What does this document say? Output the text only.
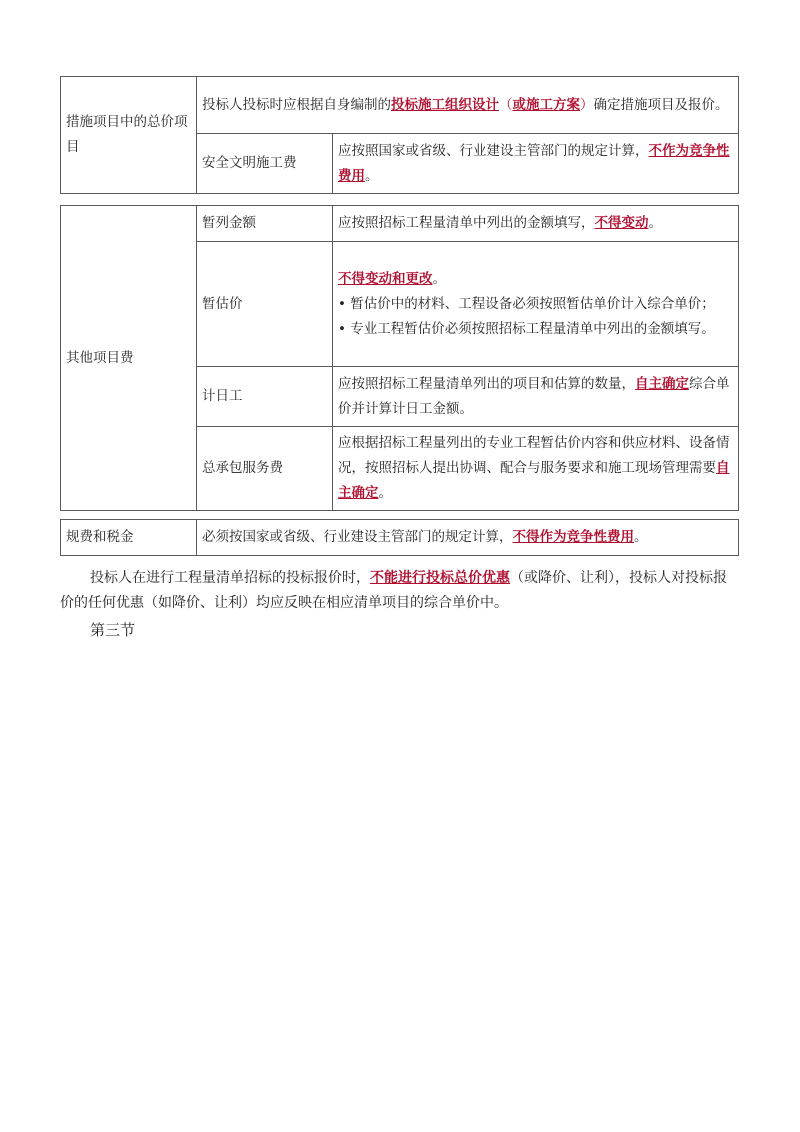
措施项目中的总价项目	投标人投标时应根据自身编制的投标施工组织设计（或施工方案）确定措施项目及报价。	
	安全文明施工费	应按照国家或省级、行业建设主管部门的规定计算，不作为竞争性费用。
其他项目费	暂列金额	应按照招标工程量清单中列出的金额填写，不得变动。
	暂估价	不得变动和更改。
• 暂估价中的材料、工程设备必须按照暂估单价计入综合单价；
• 专业工程暂估价必须按照招标工程量清单中列出的金额填写。
	计日工	应按照招标工程量清单列出的项目和估算的数量，自主确定综合单价并计算计日工金额。
	总承包服务费	应根据招标工程量列出的专业工程暂估价内容和供应材料、设备情况，按照招标人提出协调、配合与服务要求和施工现场管理需要自主确定。
规费和税金	必须按国家或省级、行业建设主管部门的规定计算，不得作为竞争性费用。
投标人在进行工程量清单招标的投标报价时，不能进行投标总价优惠（或降价、让利），投标人对投标报价的任何优惠（如降价、让利）均应反映在相应清单项目的综合单价中。
第三节
